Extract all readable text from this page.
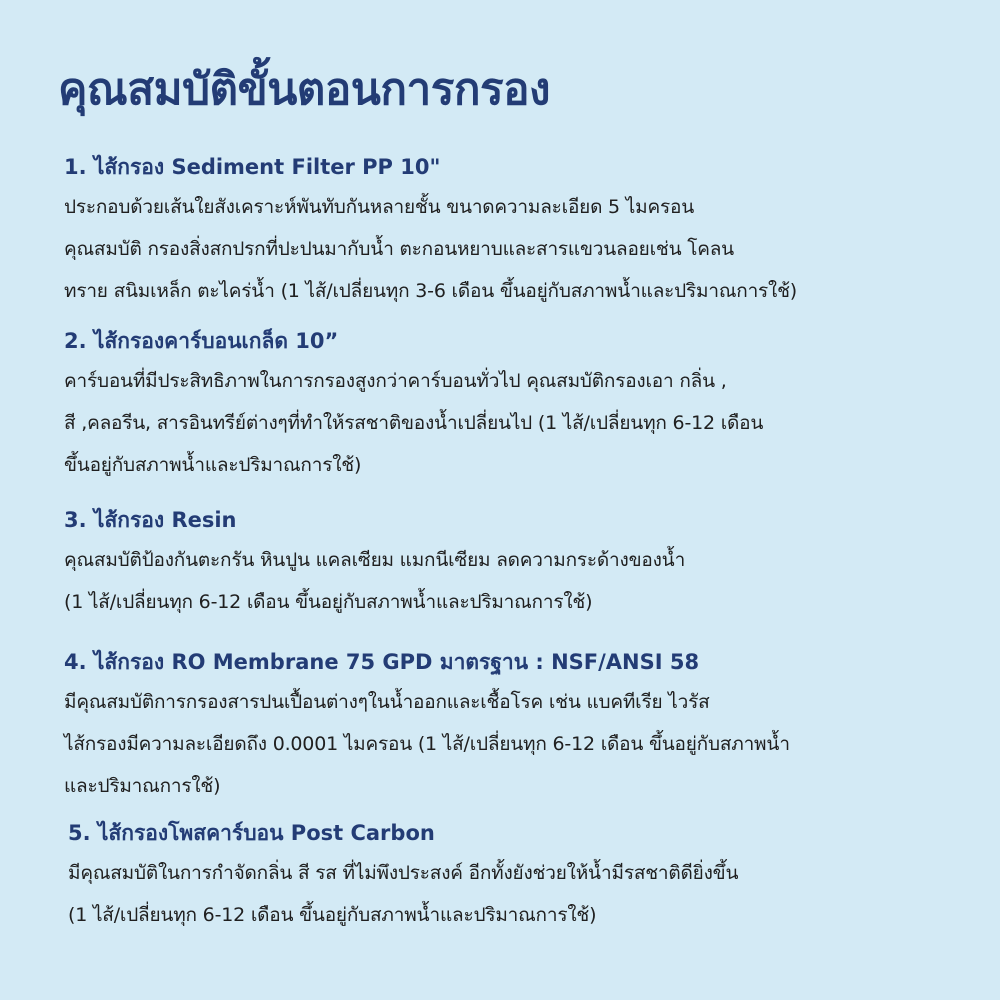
คุณสมบัติขั้นตอนการกรอง
1. ไส้กรอง Sediment Filter PP 10"

ประกอบด้วยเส้นใยสังเคราะห์พันทับกันหลายชั้น ขนาดความละเอียด 5 ไมครอน

คุณสมบัติ กรองสิ่งสกปรกที่ปะปนมากับน้ำ ตะกอนหยาบและสารแขวนลอยเช่น โคลน

ทราย สนิมเหล็ก ตะไคร่น้ำ (1 ไส้/เปลี่ยนทุก 3-6 เดือน ขึ้นอยู่กับสภาพน้ำและปริมาณการใช้)

2. ไส้กรองคาร์บอนเกล็ด 10”

คาร์บอนที่มีประสิทธิภาพในการกรองสูงกว่าคาร์บอนทั่วไป คุณสมบัติกรองเอา กลิ่น ,

สี ,คลอรีน, สารอินทรีย์ต่างๆที่ทำให้รสชาติของน้ำเปลี่ยนไป (1 ไส้/เปลี่ยนทุก 6-12 เดือน

ขึ้นอยู่กับสภาพน้ำและปริมาณการใช้)

3. ไส้กรอง Resin

คุณสมบัติป้องกันตะกรัน หินปูน แคลเซียม แมกนีเซียม ลดความกระด้างของน้ำ

(1 ไส้/เปลี่ยนทุก 6-12 เดือน ขึ้นอยู่กับสภาพน้ำและปริมาณการใช้)

4. ไส้กรอง RO Membrane 75 GPD มาตรฐาน : NSF/ANSI 58

มีคุณสมบัติการกรองสารปนเปื้อนต่างๆในน้ำออกและเชื้อโรค เช่น แบคทีเรีย ไวรัส

ไส้กรองมีความละเอียดถึง 0.0001 ไมครอน (1 ไส้/เปลี่ยนทุก 6-12 เดือน ขึ้นอยู่กับสภาพน้ำ

และปริมาณการใช้)

5. ไส้กรองโพสคาร์บอน Post Carbon

มีคุณสมบัติในการกำจัดกลิ่น สี รส ที่ไม่พึงประสงค์ อีกทั้งยังช่วยให้น้ำมีรสชาติดียิ่งขึ้น

(1 ไส้/เปลี่ยนทุก 6-12 เดือน ขึ้นอยู่กับสภาพน้ำและปริมาณการใช้)
